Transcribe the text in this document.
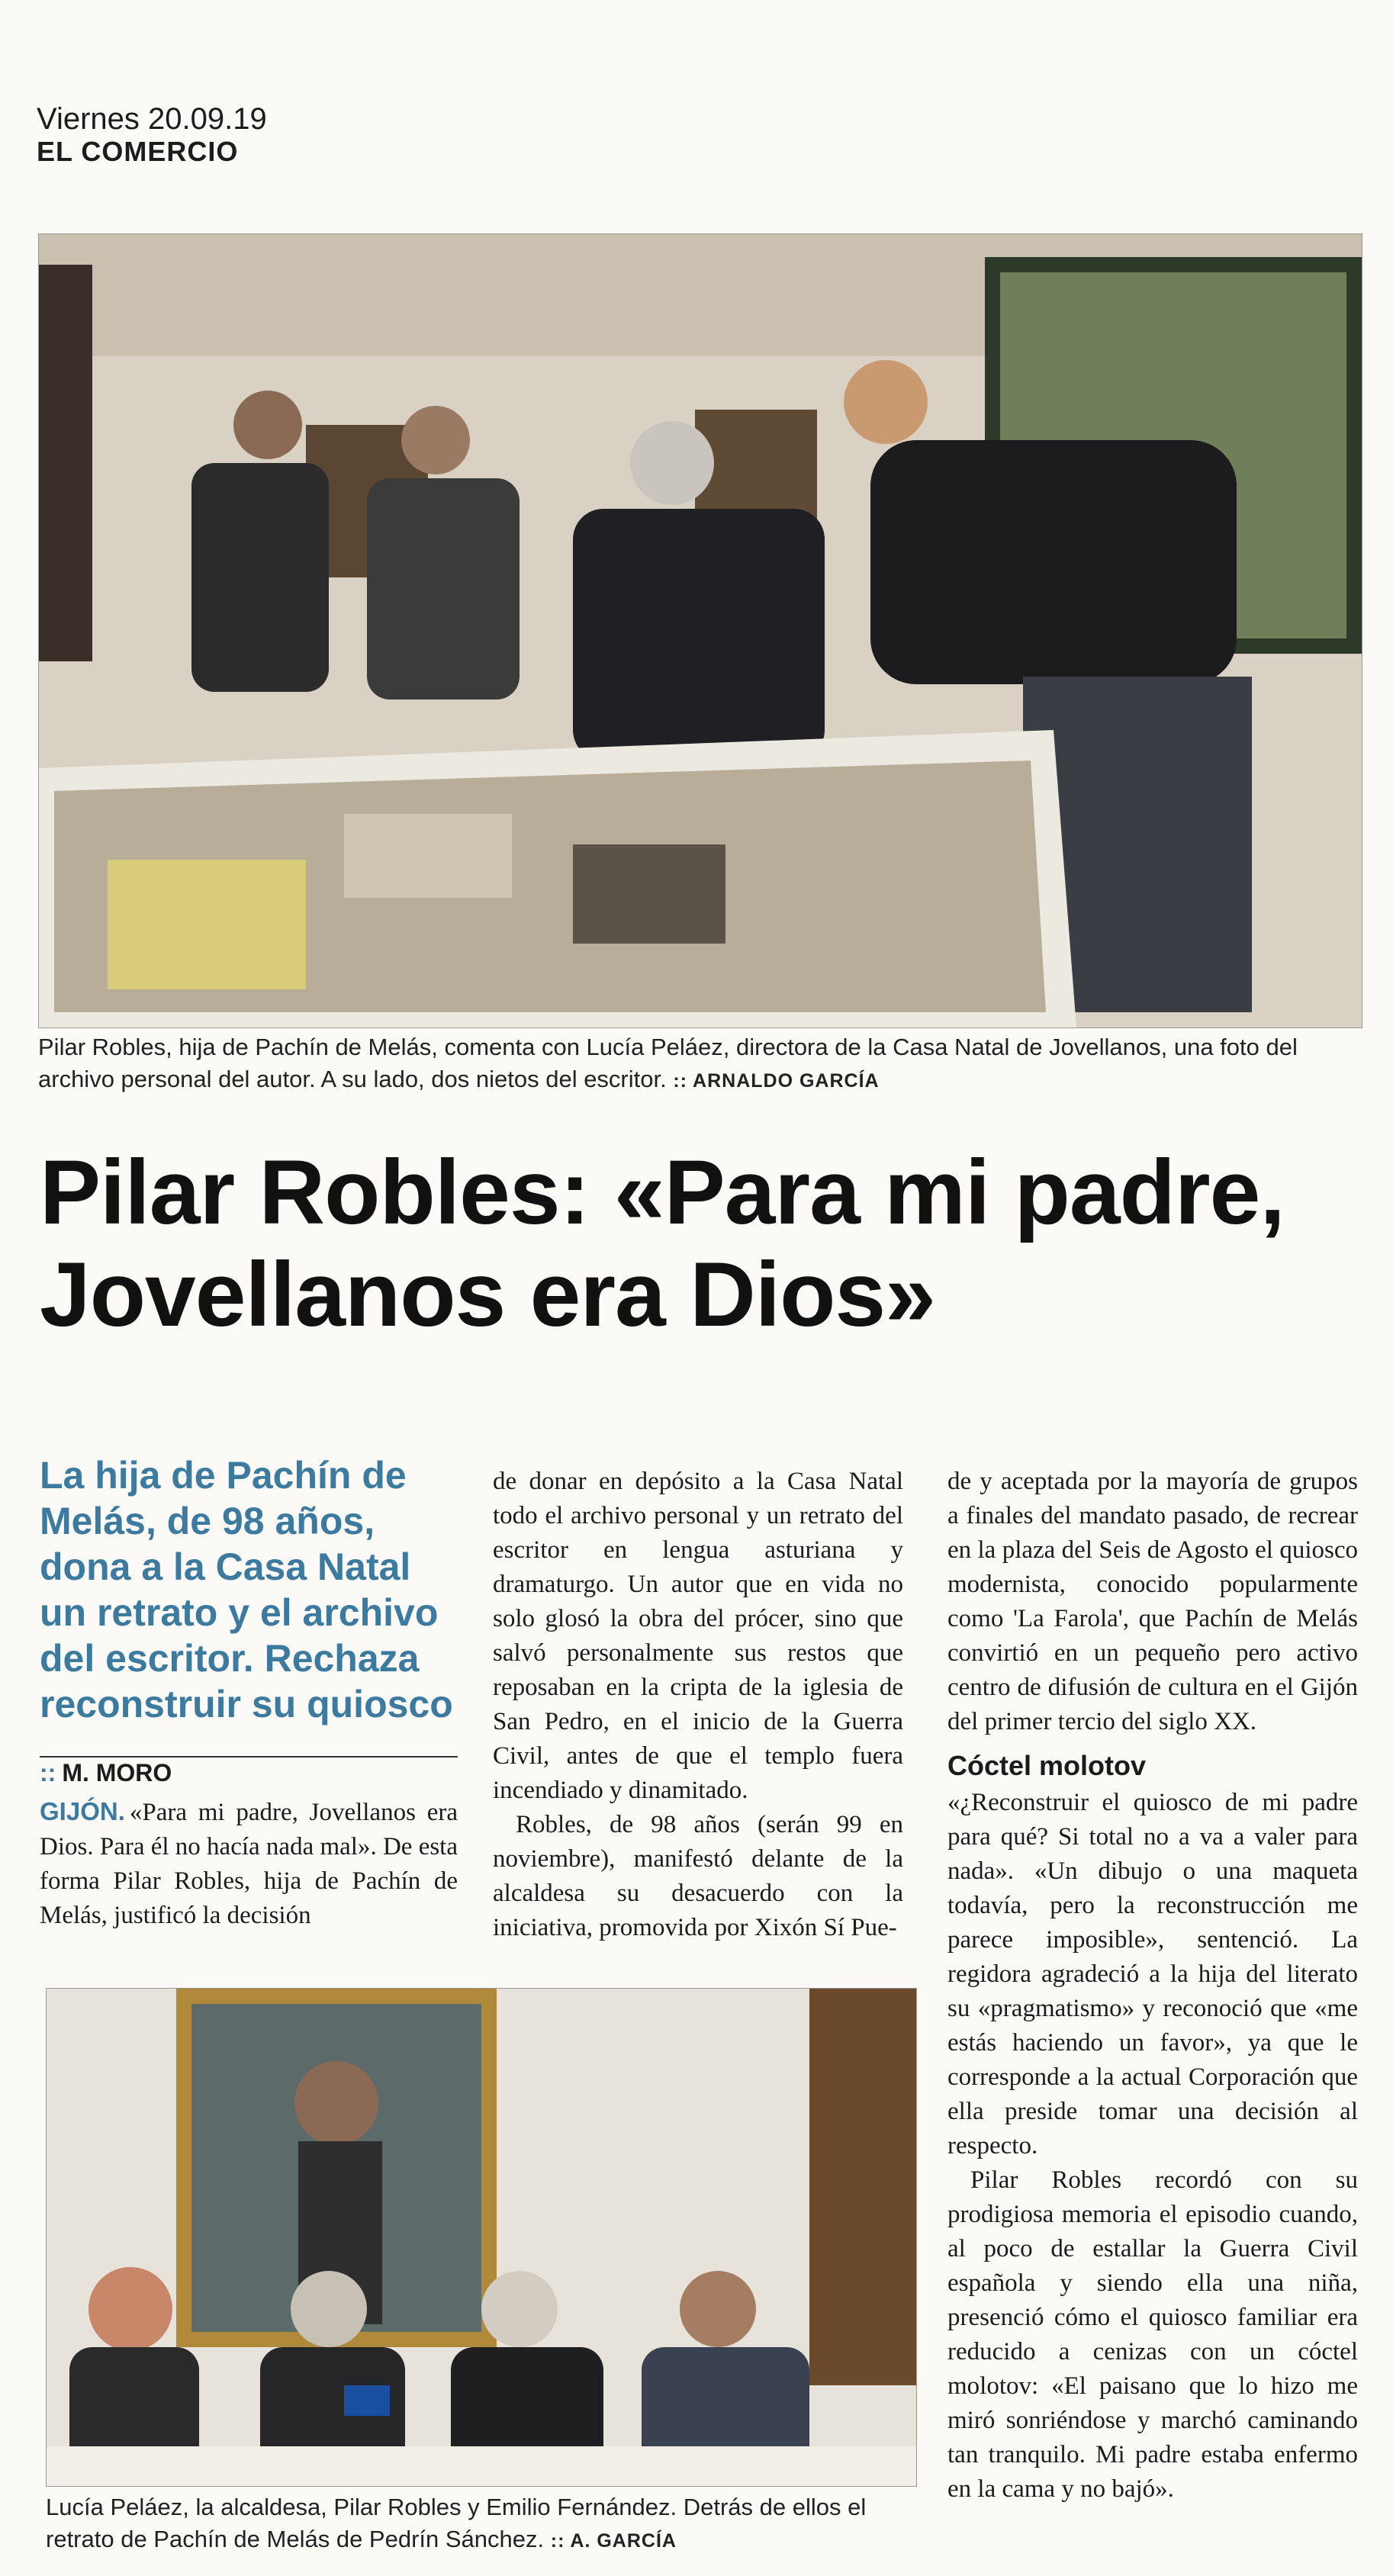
Viernes 20.09.19
EL COMERCIO
Pilar Robles, hija de Pachín de Melás, comenta con Lucía Peláez, directora de la Casa Natal de Jovellanos, una foto del archivo personal del autor. A su lado, dos nietos del escritor. :: ARNALDO GARCÍA
Pilar Robles: «Para mi padre, Jovellanos era Dios»
La hija de Pachín de Melás, de 98 años, dona a la Casa Natal un retrato y el archivo del escritor. Rechaza reconstruir su quiosco
:: M. MORO

GIJÓN. «Para mi padre, Jovellanos era Dios. Para él no hacía nada mal». De esta forma Pilar Robles, hija de Pachín de Melás, justificó la decisión

de donar en depósito a la Casa Natal todo el archivo personal y un retrato del escritor en lengua asturiana y dramaturgo. Un autor que en vida no solo glosó la obra del prócer, sino que salvó personalmente sus restos que reposaban en la cripta de la iglesia de San Pedro, en el inicio de la Guerra Civil, antes de que el templo fuera incendiado y dinamitado.

Robles, de 98 años (serán 99 en noviembre), manifestó delante de la alcaldesa su desacuerdo con la iniciativa, promovida por Xixón Sí Pue-

de y aceptada por la mayoría de grupos a finales del mandato pasado, de recrear en la plaza del Seis de Agosto el quiosco modernista, conocido popularmente como 'La Farola', que Pachín de Melás convirtió en un pequeño pero activo centro de difusión de cultura en el Gijón del primer tercio del siglo XX.

Cóctel molotov

«¿Reconstruir el quiosco de mi padre para qué? Si total no a va a valer para nada». «Un dibujo o una maqueta todavía, pero la reconstrucción me parece imposible», sentenció. La regidora agradeció a la hija del literato su «pragmatismo» y reconoció que «me estás haciendo un favor», ya que le corresponde a la actual Corporación que ella preside tomar una decisión al respecto.

Pilar Robles recordó con su prodigiosa memoria el episodio cuando, al poco de estallar la Guerra Civil española y siendo ella una niña, presenció cómo el quiosco familiar era reducido a cenizas con un cóctel molotov: «El paisano que lo hizo me miró sonriéndose y marchó caminando tan tranquilo. Mi padre estaba enfermo en la cama y no bajó».

Lucía Peláez, la alcaldesa, Pilar Robles y Emilio Fernández. Detrás de ellos el retrato de Pachín de Melás de Pedrín Sánchez. :: A. GARCÍA
